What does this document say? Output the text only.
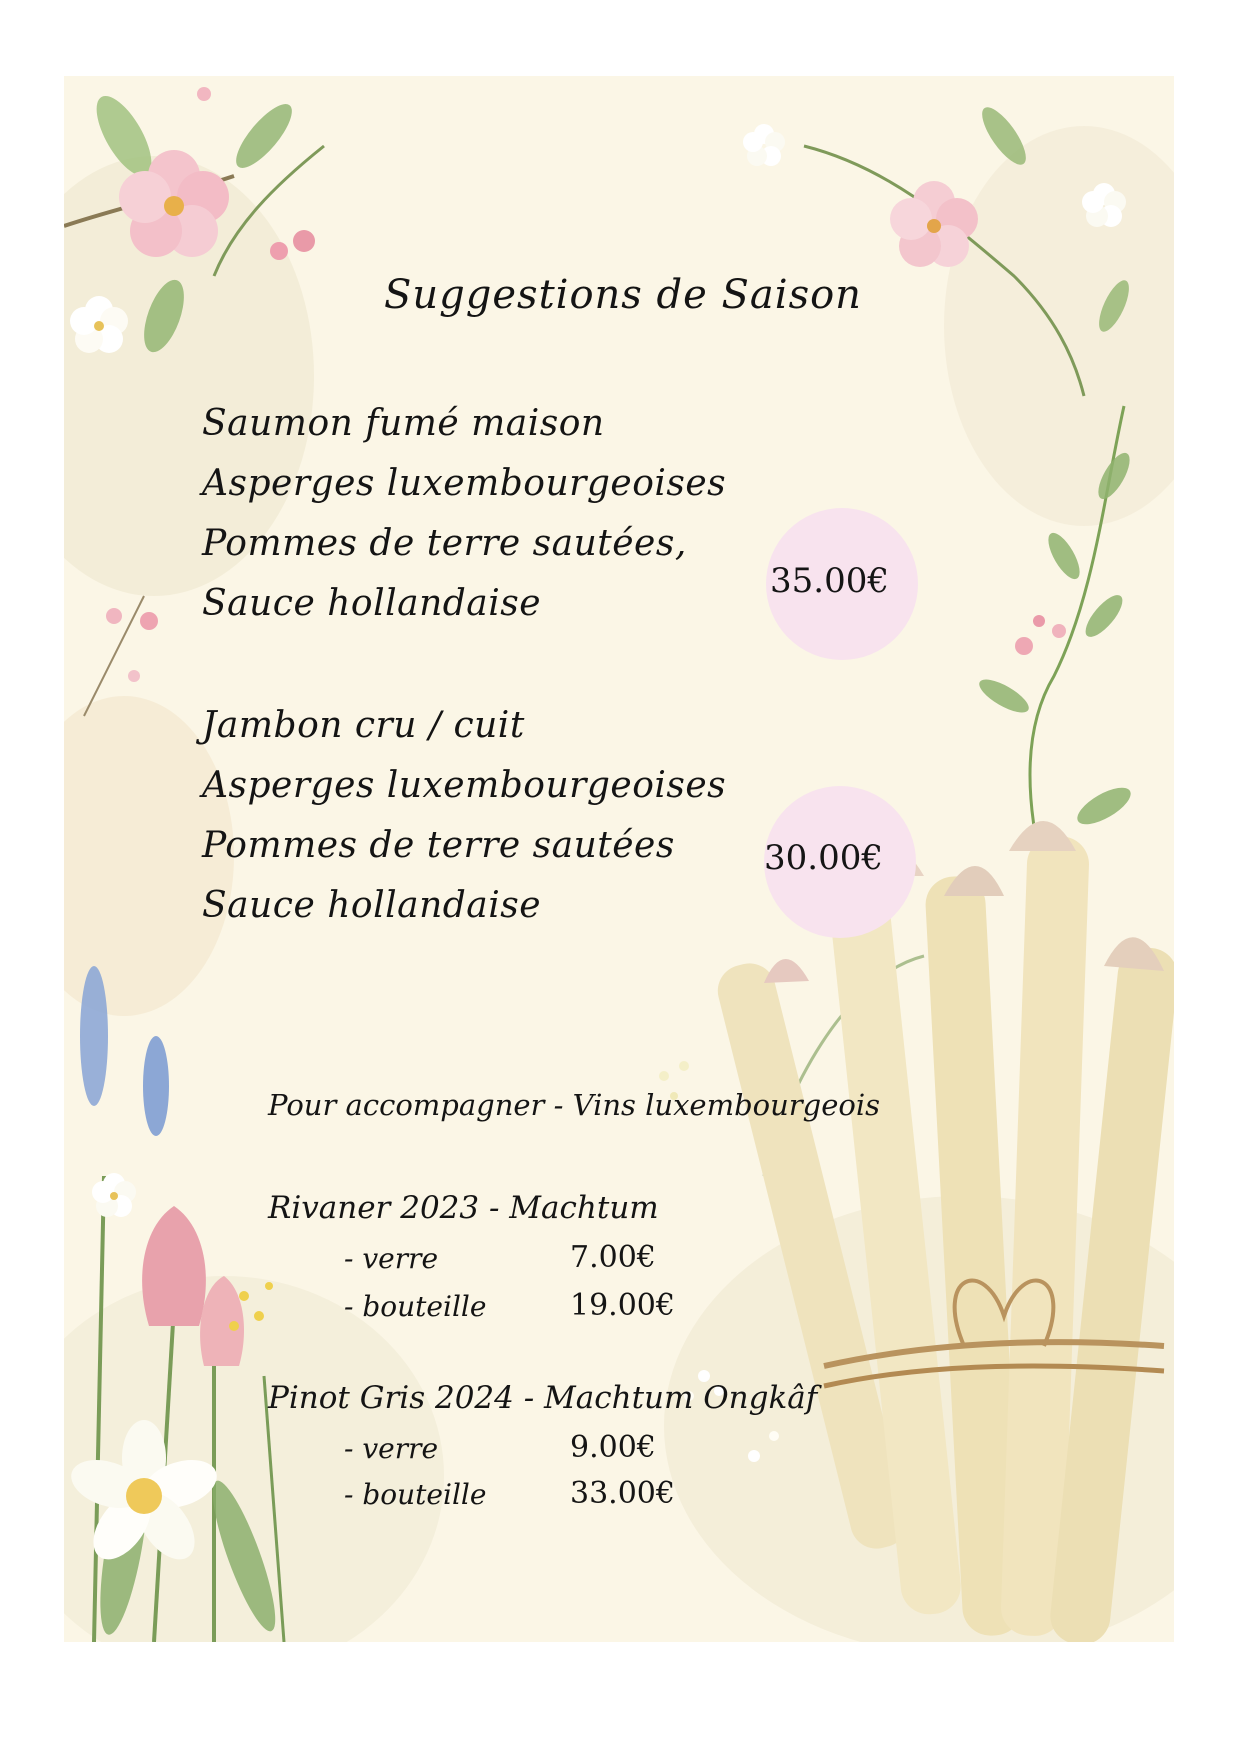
Suggestions de Saison
Saumon fumé maison
Asperges luxembourgeoises
Pommes de terre sautées,
Sauce hollandaise
35.00€
Jambon cru / cuit
Asperges luxembourgeoises
Pommes de terre sautées
Sauce hollandaise
30.00€
Pour accompagner - Vins luxembourgeois
Rivaner 2023 - Machtum
- verre	7.00€
- bouteille	19.00€
Pinot Gris 2024 - Machtum Ongkâf
- verre	9.00€
- bouteille	33.00€
